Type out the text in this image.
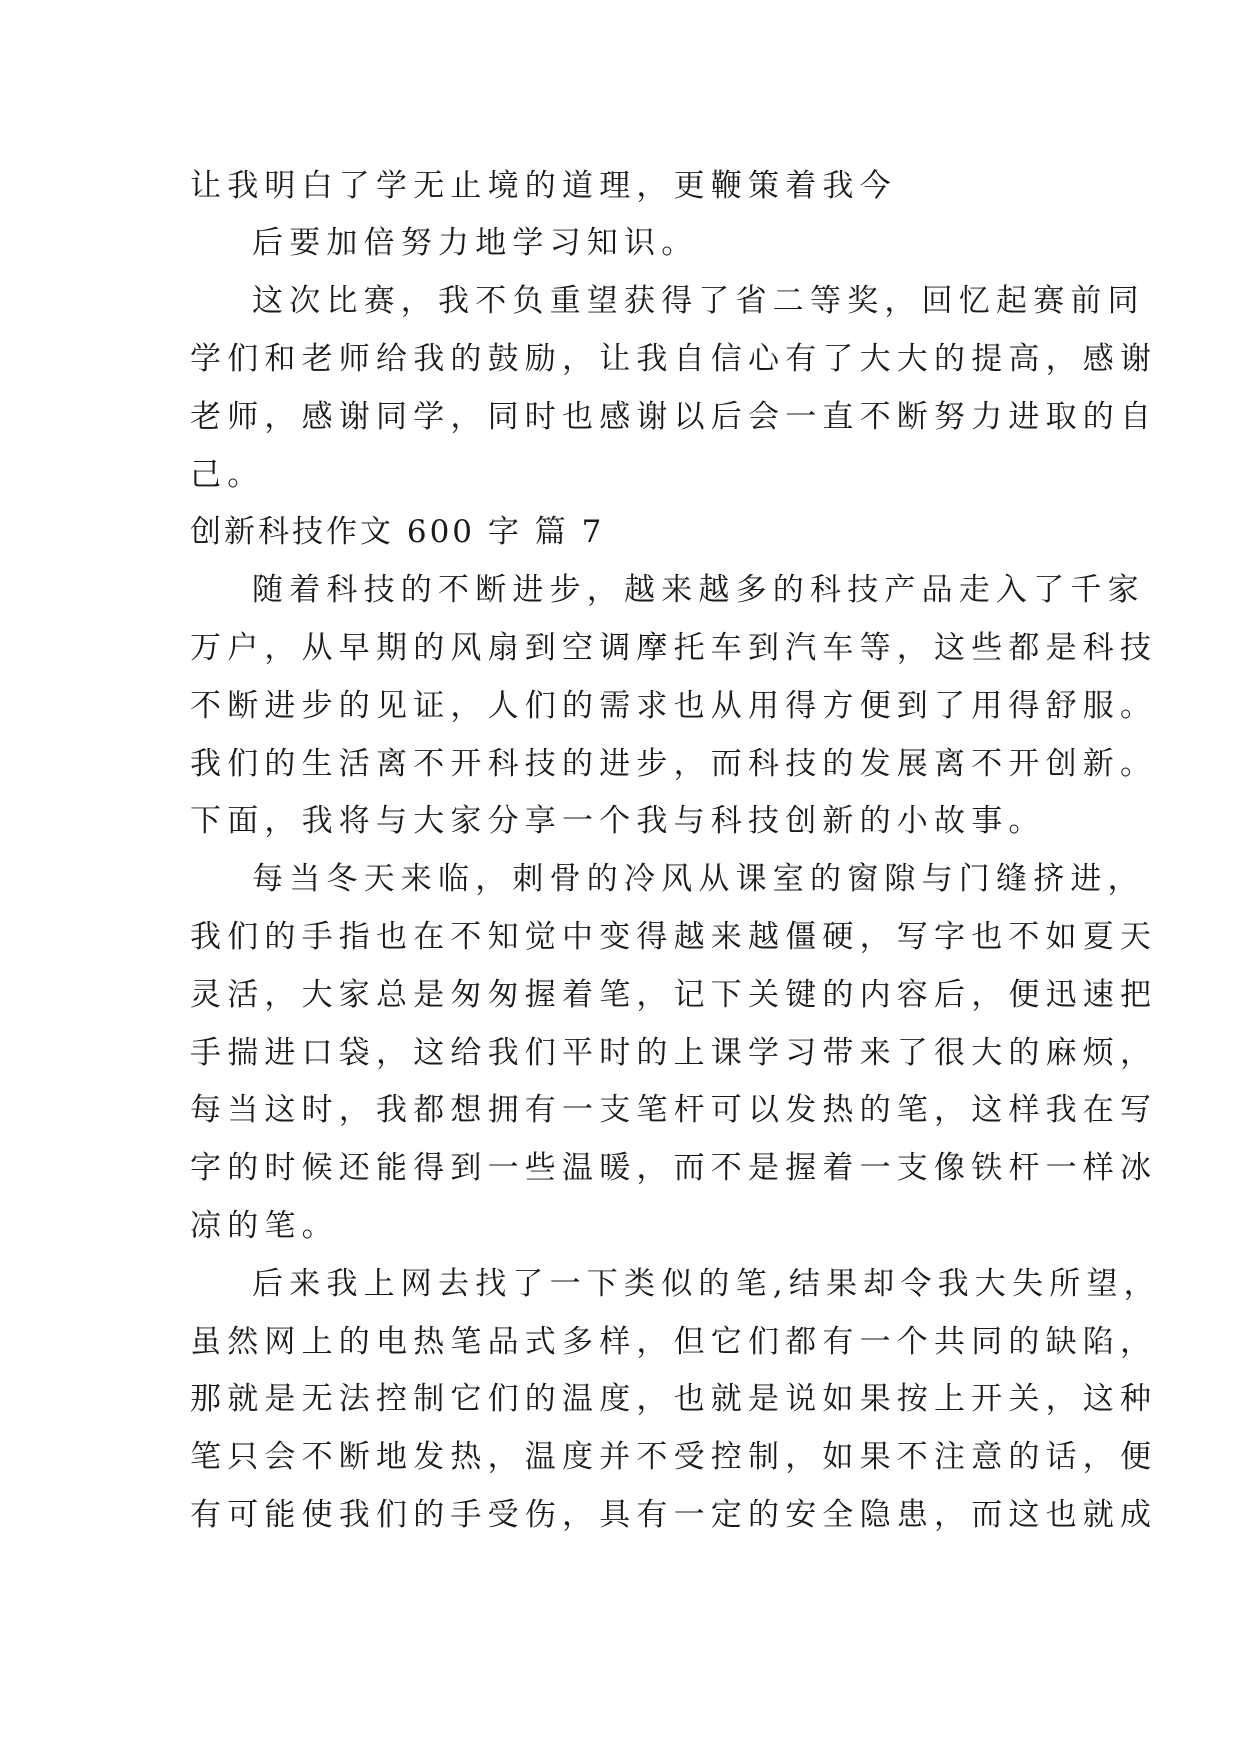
让我明白了学无止境的道理，更鞭策着我今
后要加倍努力地学习知识。
这次比赛，我不负重望获得了省二等奖，回忆起赛前同
学们和老师给我的鼓励，让我自信心有了大大的提高，感谢
老师，感谢同学，同时也感谢以后会一直不断努力进取的自
己。
创新科技作文 600 字 篇 7
随着科技的不断进步，越来越多的科技产品走入了千家
万户，从早期的风扇到空调摩托车到汽车等，这些都是科技
不断进步的见证，人们的需求也从用得方便到了用得舒服。
我们的生活离不开科技的进步，而科技的发展离不开创新。
下面，我将与大家分享一个我与科技创新的小故事。
每当冬天来临，刺骨的冷风从课室的窗隙与门缝挤进，
我们的手指也在不知觉中变得越来越僵硬，写字也不如夏天
灵活，大家总是匆匆握着笔，记下关键的内容后，便迅速把
手揣进口袋，这给我们平时的上课学习带来了很大的麻烦，
每当这时，我都想拥有一支笔杆可以发热的笔，这样我在写
字的时候还能得到一些温暖，而不是握着一支像铁杆一样冰
凉的笔。
后来我上网去找了一下类似的笔,结果却令我大失所望，
虽然网上的电热笔品式多样，但它们都有一个共同的缺陷，
那就是无法控制它们的温度，也就是说如果按上开关，这种
笔只会不断地发热，温度并不受控制，如果不注意的话，便
有可能使我们的手受伤，具有一定的安全隐患，而这也就成
